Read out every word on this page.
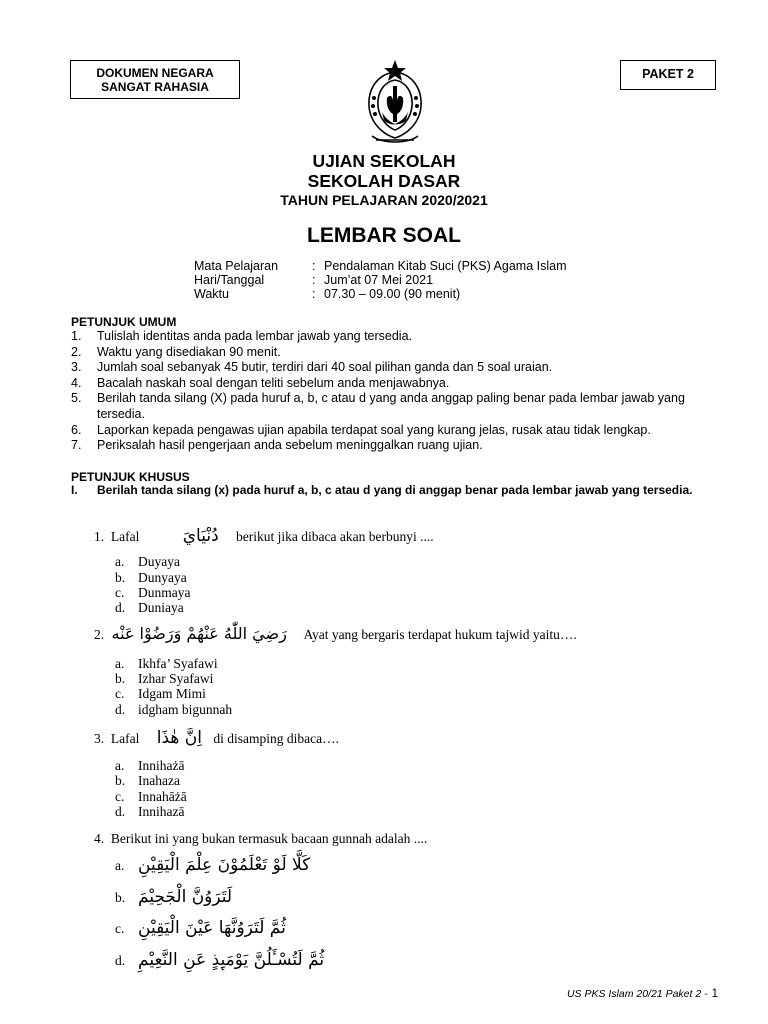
DOKUMEN NEGARA
SANGAT RAHASIA
PAKET 2
UJIAN SEKOLAH
SEKOLAH DASAR
TAHUN PELAJARAN 2020/2021
LEMBAR SOAL
Mata Pelajaran	: Pendalaman Kitab Suci (PKS) Agama Islam
Hari/Tanggal	: Jum’at 07 Mei 2021
Waktu	: 07.30 – 09.00 (90 menit)
PETUNJUK UMUM
1. Tulislah identitas anda pada lembar jawab yang tersedia.
2. Waktu yang disediakan 90 menit.
3. Jumlah soal sebanyak 45 butir, terdiri dari 40 soal pilihan ganda dan 5 soal uraian.
4. Bacalah naskah soal dengan teliti sebelum anda menjawabnya.
5. Berilah tanda silang (X) pada huruf a, b, c atau d yang anda anggap paling benar pada lembar jawab yang tersedia.
6. Laporkan kepada pengawas ujian apabila terdapat soal yang kurang jelas, rusak atau tidak lengkap.
7. Periksalah hasil pengerjaan anda sebelum meninggalkan ruang ujian.
PETUNJUK KHUSUS
I. Berilah tanda silang (x) pada huruf a, b, c atau d yang di anggap benar pada lembar jawab yang tersedia.
1. Lafal	دُنْيَايَ berikut jika dibaca akan berbunyi ....
a. Duyaya
b. Dunyaya
c. Dunmaya
d. Duniaya
2. رَضِيَ اللّٰهُ عَنْهُمْ وَرَضُوْا عَنْه Ayat yang bergaris terdapat hukum tajwid yaitu….
a. Ikhfa’ Syafawi
b. Izhar Syafawi
c. Idgam Mimi
d. idgham bigunnah
3. Lafal اِنَّ هٰذَا di disamping dibaca….
a. Innihażā
b. Inahaza
c. Innahāżā
d. Innihazā
4. Berikut ini yang bukan termasuk bacaan gunnah adalah ....
a. كَلَّا لَوْ تَعْلَمُوْنَ عِلْمَ الْيَقِيْنِ
b. لَتَرَوُنَّ الْجَحِيْمَ
c. ثُمَّ لَتَرَوُنَّهَا عَيْنَ الْيَقِيْنِ
d. ثُمَّ لَتُسْـَٔلُنَّ يَوْمَىِٕذٍ عَنِ النَّعِيْمِ
US PKS Islam 20/21 Paket 2 - 1
